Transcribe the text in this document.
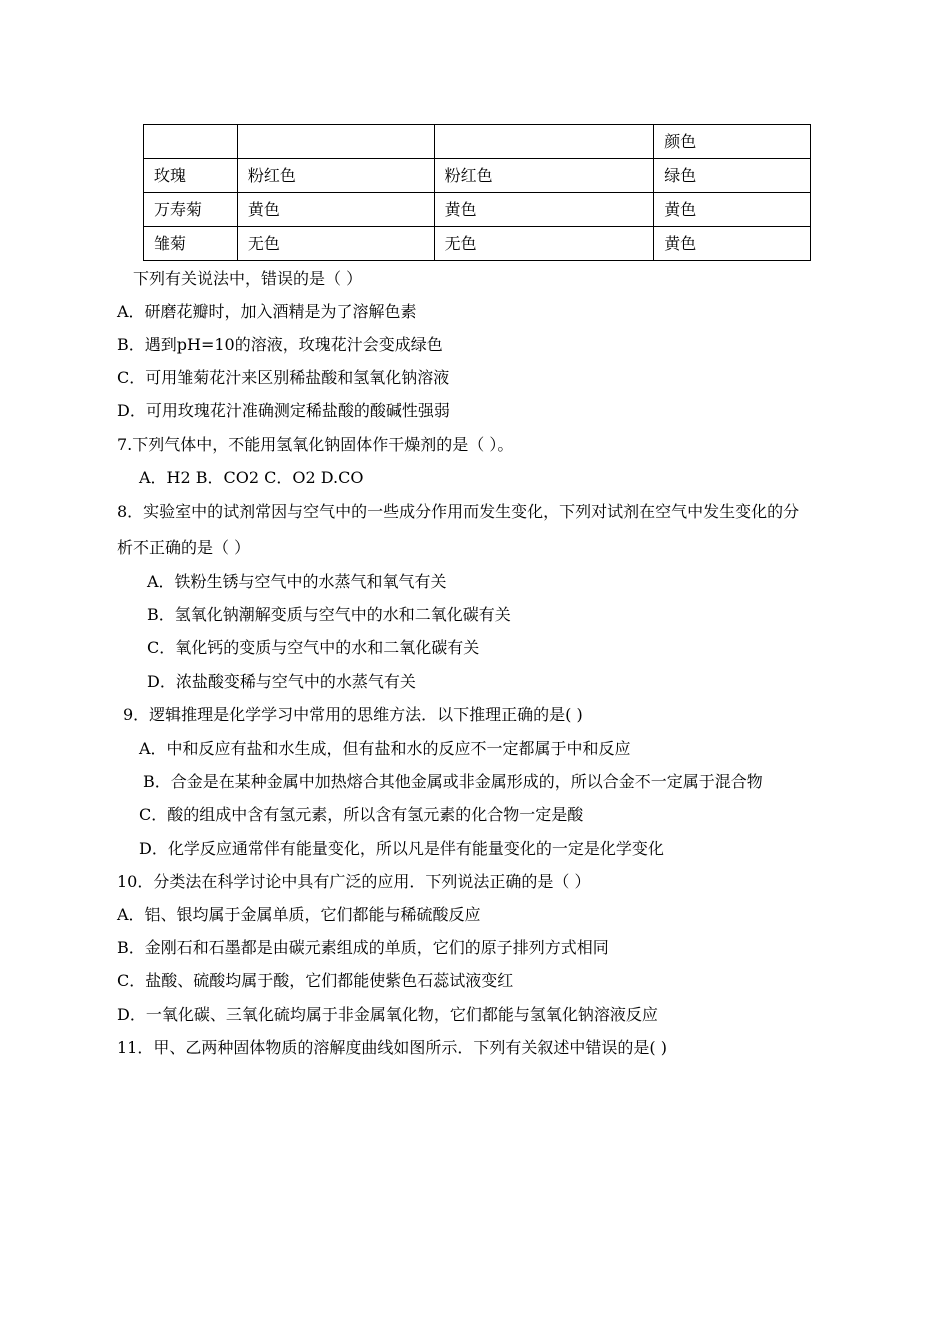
			颜色
玫瑰	粉红色	粉红色	绿色
万寿菊	黄色	黄色	黄色
雏菊	无色	无色	黄色
下列有关说法中，错误的是（ ）
A．研磨花瓣时，加入酒精是为了溶解色素
B．遇到pH=10的溶液，玫瑰花汁会变成绿色
C．可用雏菊花汁来区别稀盐酸和氢氧化钠溶液
D．可用玫瑰花汁准确测定稀盐酸的酸碱性强弱
7.下列气体中，不能用氢氧化钠固体作干燥剂的是（ ）。
A．H2 B．CO2 C．O2 D.CO
8．实验室中的试剂常因与空气中的一些成分作用而发生变化，下列对试剂在空气中发生变化的分
析不正确的是（ ）
A．铁粉生锈与空气中的水蒸气和氧气有关
B．氢氧化钠潮解变质与空气中的水和二氧化碳有关
C．氧化钙的变质与空气中的水和二氧化碳有关
D．浓盐酸变稀与空气中的水蒸气有关
9．逻辑推理是化学学习中常用的思维方法．以下推理正确的是( )
A．中和反应有盐和水生成，但有盐和水的反应不一定都属于中和反应
B．合金是在某种金属中加热熔合其他金属或非金属形成的，所以合金不一定属于混合物
C．酸的组成中含有氢元素，所以含有氢元素的化合物一定是酸
D．化学反应通常伴有能量变化，所以凡是伴有能量变化的一定是化学变化
10．分类法在科学讨论中具有广泛的应用．下列说法正确的是（ ）
A．铝、银均属于金属单质，它们都能与稀硫酸反应
B．金刚石和石墨都是由碳元素组成的单质，它们的原子排列方式相同
C．盐酸、硫酸均属于酸，它们都能使紫色石蕊试液变红
D．一氧化碳、三氧化硫均属于非金属氧化物，它们都能与氢氧化钠溶液反应
11．甲、乙两种固体物质的溶解度曲线如图所示．下列有关叙述中错误的是( )
